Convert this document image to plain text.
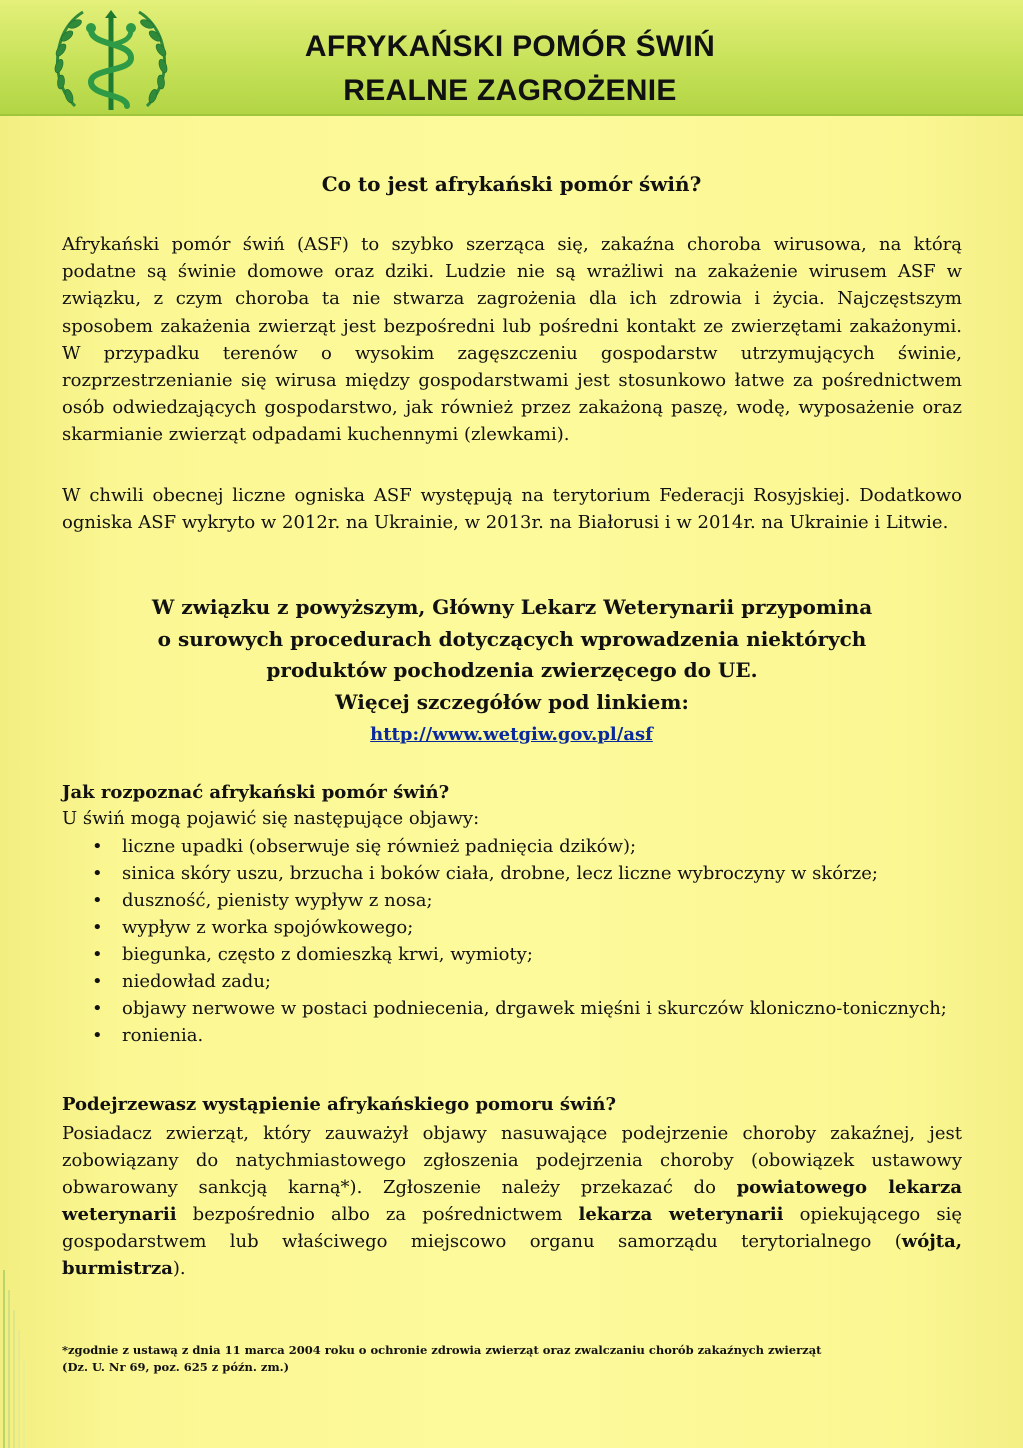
AFRYKAŃSKI POMÓR ŚWIŃ
REALNE ZAGROŻENIE
Co to jest afrykański pomór świń?

Afrykański pomór świń (ASF) to szybko szerząca się, zakaźna choroba wirusowa, na którą podatne są świnie domowe oraz dziki. Ludzie nie są wrażliwi na zakażenie wirusem ASF w związku, z czym choroba ta nie stwarza zagrożenia dla ich zdrowia i życia. Najczęstszym sposobem zakażenia zwierząt jest bezpośredni lub pośredni kontakt ze zwierzętami zakażonymi. W przypadku terenów o wysokim zagęszczeniu gospodarstw utrzymujących świnie, rozprzestrzenianie się wirusa między gospodarstwami jest stosunkowo łatwe za pośrednictwem osób odwiedzających gospodarstwo, jak również przez zakażoną paszę, wodę, wyposażenie oraz skarmianie zwierząt odpadami kuchennymi (zlewkami).

W chwili obecnej liczne ogniska ASF występują na terytorium Federacji Rosyjskiej. Dodatkowo ogniska ASF wykryto w 2012r. na Ukrainie, w 2013r. na Białorusi i w 2014r. na Ukrainie i Litwie.

W związku z powyższym, Główny Lekarz Weterynarii przypomina
o surowych procedurach dotyczących wprowadzenia niektórych
produktów pochodzenia zwierzęcego do UE.
Więcej szczegółów pod linkiem:
http://www.wetgiw.gov.pl/asf
Jak rozpoznać afrykański pomór świń?
U świń mogą pojawić się następujące objawy:
• liczne upadki (obserwuje się również padnięcia dzików);
• sinica skóry uszu, brzucha i boków ciała, drobne, lecz liczne wybroczyny w skórze;
• duszność, pienisty wypływ z nosa;
• wypływ z worka spojówkowego;
• biegunka, często z domieszką krwi, wymioty;
• niedowład zadu;
• objawy nerwowe w postaci podniecenia, drgawek mięśni i skurczów kloniczno-tonicznych;
• ronienia.
Podejrzewasz wystąpienie afrykańskiego pomoru świń?

Posiadacz zwierząt, który zauważył objawy nasuwające podejrzenie choroby zakaźnej, jest zobowiązany do natychmiastowego zgłoszenia podejrzenia choroby (obowiązek ustawowy obwarowany sankcją karną*). Zgłoszenie należy przekazać do powiatowego lekarza weterynarii bezpośrednio albo za pośrednictwem lekarza weterynarii opiekującego się gospodarstwem lub właściwego miejscowo organu samorządu terytorialnego (wójta, burmistrza).

*zgodnie z ustawą z dnia 11 marca 2004 roku o ochronie zdrowia zwierząt oraz zwalczaniu chorób zakaźnych zwierząt
(Dz. U. Nr 69, poz. 625 z późn. zm.)
